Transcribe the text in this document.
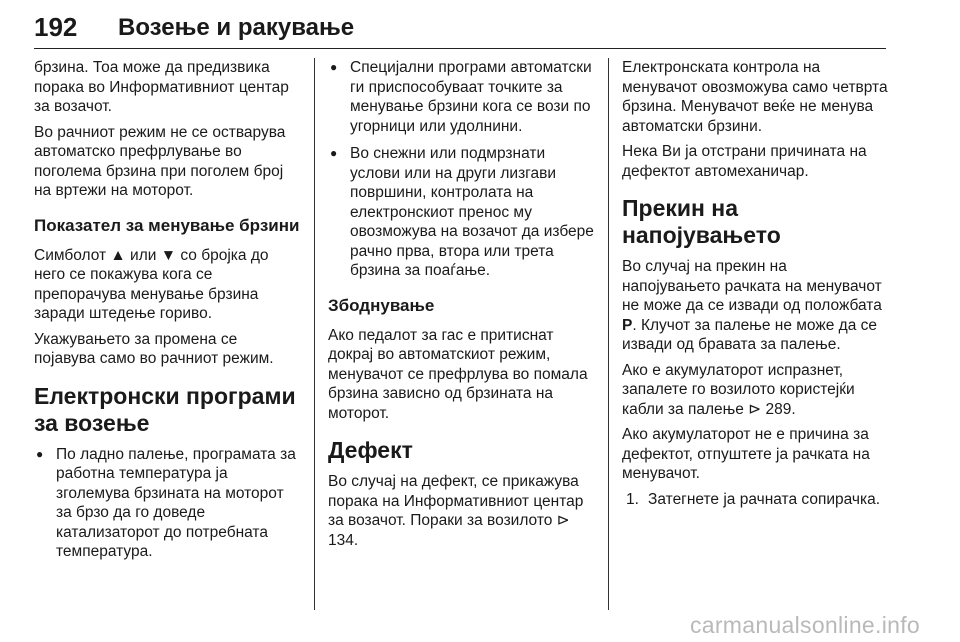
192 Возење и ракување

брзина. Тоа може да предизвика порака во Информативниот центар за возачот.

Во рачниот режим не се остварува автоматско префрлување во поголема брзина при поголем број на вртежи на моторот.

Показател за менување брзини

Симболот ▲ или ▼ со бројка до него се покажува кога се препорачува менување брзина заради штедење гориво.

Укажувањето за промена се појавува само во рачниот режим.

Електронски програми за возење
● По ладно палење, програмата за работна температура ја зголемува брзината на моторот за брзо да го доведе катализаторот до потребната температура.
● Специјални програми автоматски ги приспособуваат точките за менување брзини кога се вози по угорници или удолнини.
● Во снежни или подмрзнати услови или на други лизгави површини, контролата на електронскиот пренос му овозможува на возачот да избере рачно прва, втора или трета брзина за поаѓање.
Збоднување

Ако педалот за гас е притиснат докрај во автоматскиот режим, менувачот се префрлува во помала брзина зависно од брзината на моторот.

Дефект

Во случај на дефект, се прикажува порака на Информативниот центар за возачот. Пораки за возилото ⊳ 134.

Електронската контрола на менувачот овозможува само четврта брзина. Менувачот веќе не менува автоматски брзини.

Нека Ви ја отстрани причината на дефектот автомеханичар.

Прекин на напојувањето

Во случај на прекин на напојувањето рачката на менувачот не може да се извади од положбата P. Клучот за палење не може да се извади од бравата за палење.

Ако е акумулаторот испразнет, запалете го возилото користејќи кабли за палење ⊳ 289.

Ако акумулаторот не е причина за дефектот, отпуштете ја рачката на менувачот.

1. Затегнете ја рачната сопирачка.
carmanualsonline.info
